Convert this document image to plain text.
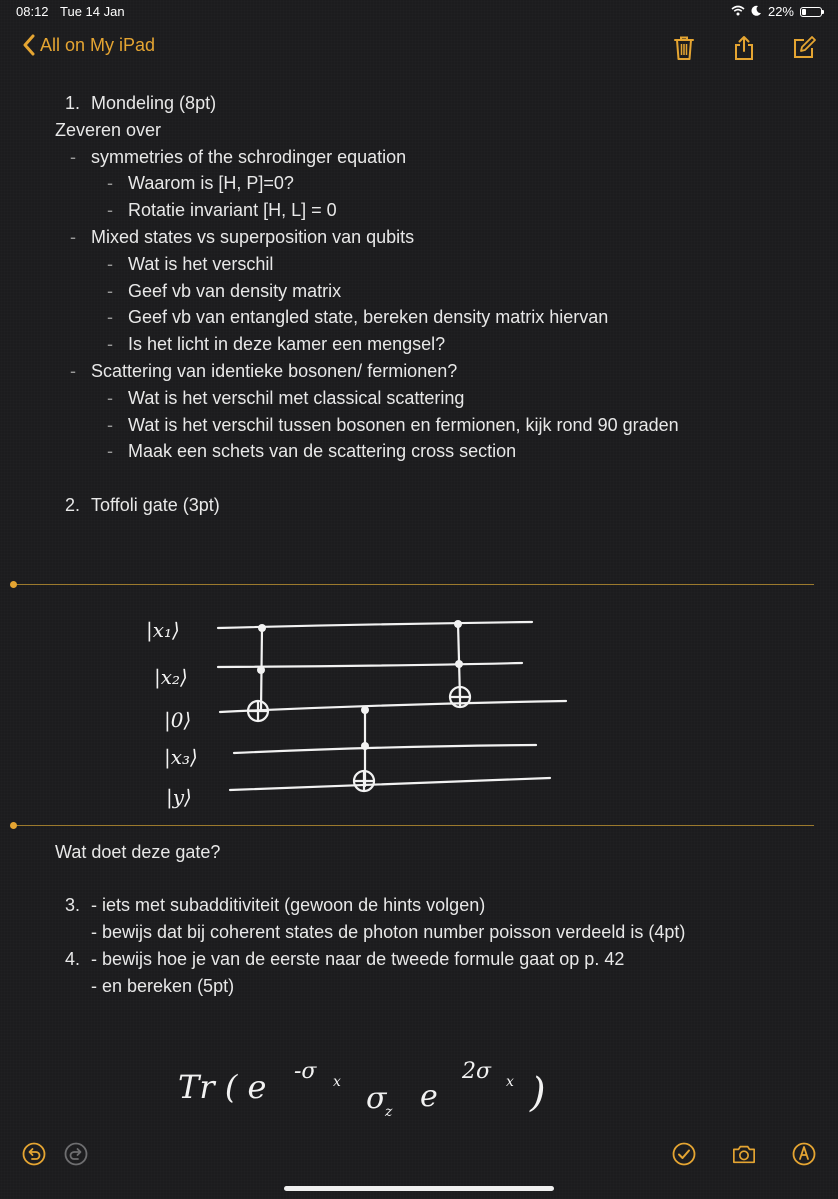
08:12 Tue 14 Jan	22%
All on My iPad
1. Mondeling (8pt)
Zeveren over
- symmetries of the schrodinger equation
- Waarom is [H, P]=0?
- Rotatie invariant [H, L] = 0
- Mixed states vs superposition van qubits
- Wat is het verschil
- Geef vb van density matrix
- Geef vb van entangled state, bereken density matrix hiervan
- Is het licht in deze kamer een mengsel?
- Scattering van identieke bosonen/ fermionen?
- Wat is het verschil met classical scattering
- Wat is het verschil tussen bosonen en fermionen, kijk rond 90 graden
- Maak een schets van de scattering cross section
2. Toffoli gate (3pt)
Wat doet deze gate?
3. - iets met subadditiviteit (gewoon de hints volgen)
- bewijs dat bij coherent states de photon number poisson verdeeld is (4pt)
4. - bewijs hoe je van de eerste naar de tweede formule gaat op p. 42
- en bereken (5pt)
|x₁⟩
|x₂⟩
|0⟩
|x₃⟩
|y⟩
Tr ( e -σ x σ
z e
2σ x )
